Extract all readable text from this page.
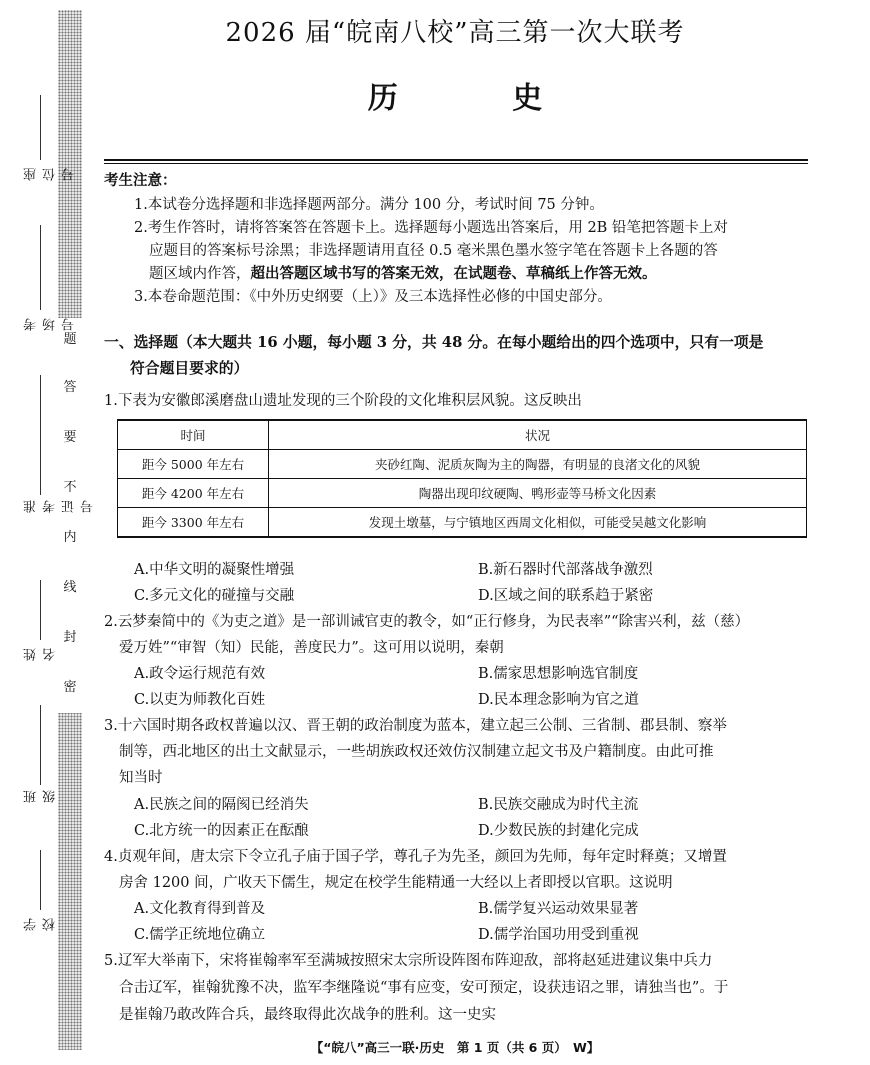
题
答
要
不
内
线
封
密
座位号
考场号
准考证号
姓名
班级
学校
2026 届“皖南八校”高三第一次大联考
历 史
考生注意：
1.本试卷分选择题和非选择题两部分。满分 100 分，考试时间 75 分钟。
2.考生作答时，请将答案答在答题卡上。选择题每小题选出答案后，用 2B 铅笔把答题卡上对
应题目的答案标号涂黑；非选择题请用直径 0.5 毫米黑色墨水签字笔在答题卡上各题的答
题区域内作答，超出答题区域书写的答案无效，在试题卷、草稿纸上作答无效。
3.本卷命题范围：《中外历史纲要（上）》及三本选择性必修的中国史部分。
一、选择题（本大题共 16 小题，每小题 3 分，共 48 分。在每小题给出的四个选项中，只有一项是
符合题目要求的）
1.下表为安徽郎溪磨盘山遗址发现的三个阶段的文化堆积层风貌。这反映出
时间	状况
距今 5000 年左右	夹砂红陶、泥质灰陶为主的陶器，有明显的良渚文化的风貌
距今 4200 年左右	陶器出现印纹硬陶、鸭形壶等马桥文化因素
距今 3300 年左右	发现土墩墓，与宁镇地区西周文化相似，可能受吴越文化影响
A.中华文明的凝聚性增强	B.新石器时代部落战争激烈
C.多元文化的碰撞与交融	D.区域之间的联系趋于紧密
2.云梦秦简中的《为吏之道》是一部训诫官吏的教令，如“正行修身，为民表率”“除害兴利，兹（慈）
爱万姓”“审智（知）民能，善度民力”。这可用以说明，秦朝
A.政令运行规范有效	B.儒家思想影响选官制度
C.以吏为师教化百姓	D.民本理念影响为官之道
3.十六国时期各政权普遍以汉、晋王朝的政治制度为蓝本，建立起三公制、三省制、郡县制、察举
制等，西北地区的出土文献显示，一些胡族政权还效仿汉制建立起文书及户籍制度。由此可推
知当时
A.民族之间的隔阂已经消失	B.民族交融成为时代主流
C.北方统一的因素正在酝酿	D.少数民族的封建化完成
4.贞观年间，唐太宗下令立孔子庙于国子学，尊孔子为先圣，颜回为先师，每年定时释奠；又增置
房舍 1200 间，广收天下儒生，规定在校学生能精通一大经以上者即授以官职。这说明
A.文化教育得到普及	B.儒学复兴运动效果显著
C.儒学正统地位确立	D.儒学治国功用受到重视
5.辽军大举南下，宋将崔翰率军至满城按照宋太宗所设阵图布阵迎敌，部将赵延进建议集中兵力
合击辽军，崔翰犹豫不决，监军李继隆说“事有应变，安可预定，设获违诏之罪，请独当也”。于
是崔翰乃敢改阵合兵，最终取得此次战争的胜利。这一史实
【“皖八”高三一联·历史　第 1 页（共 6 页）　W】
